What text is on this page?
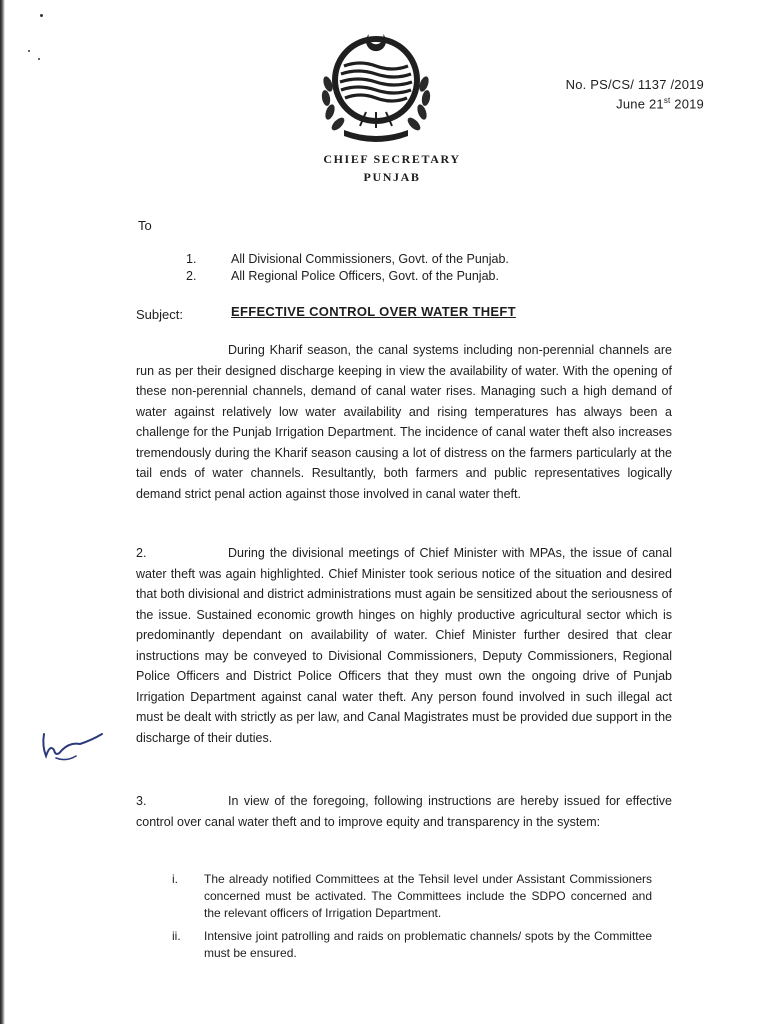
No. PS/CS/ 1137 /2019
June 21st 2019
CHIEF SECRETARY
PUNJAB
To
1.	All Divisional Commissioners, Govt. of the Punjab.
2.	All Regional Police Officers, Govt. of the Punjab.
Subject:	EFFECTIVE CONTROL OVER WATER THEFT
During Kharif season, the canal systems including non-perennial channels are run as per their designed discharge keeping in view the availability of water. With the opening of these non-perennial channels, demand of canal water rises. Managing such a high demand of water against relatively low water availability and rising temperatures has always been a challenge for the Punjab Irrigation Department. The incidence of canal water theft also increases tremendously during the Kharif season causing a lot of distress on the farmers particularly at the tail ends of water channels. Resultantly, both farmers and public representatives logically demand strict penal action against those involved in canal water theft.
2.	During the divisional meetings of Chief Minister with MPAs, the issue of canal water theft was again highlighted. Chief Minister took serious notice of the situation and desired that both divisional and district administrations must again be sensitized about the seriousness of the issue. Sustained economic growth hinges on highly productive agricultural sector which is predominantly dependant on availability of water. Chief Minister further desired that clear instructions may be conveyed to Divisional Commissioners, Deputy Commissioners, Regional Police Officers and District Police Officers that they must own the ongoing drive of Punjab Irrigation Department against canal water theft. Any person found involved in such illegal act must be dealt with strictly as per law, and Canal Magistrates must be provided due support in the discharge of their duties.
3.	In view of the foregoing, following instructions are hereby issued for effective control over canal water theft and to improve equity and transparency in the system:
i.	The already notified Committees at the Tehsil level under Assistant Commissioners concerned must be activated. The Committees include the SDPO concerned and the relevant officers of Irrigation Department.
ii.	Intensive joint patrolling and raids on problematic channels/ spots by the Committee must be ensured.
